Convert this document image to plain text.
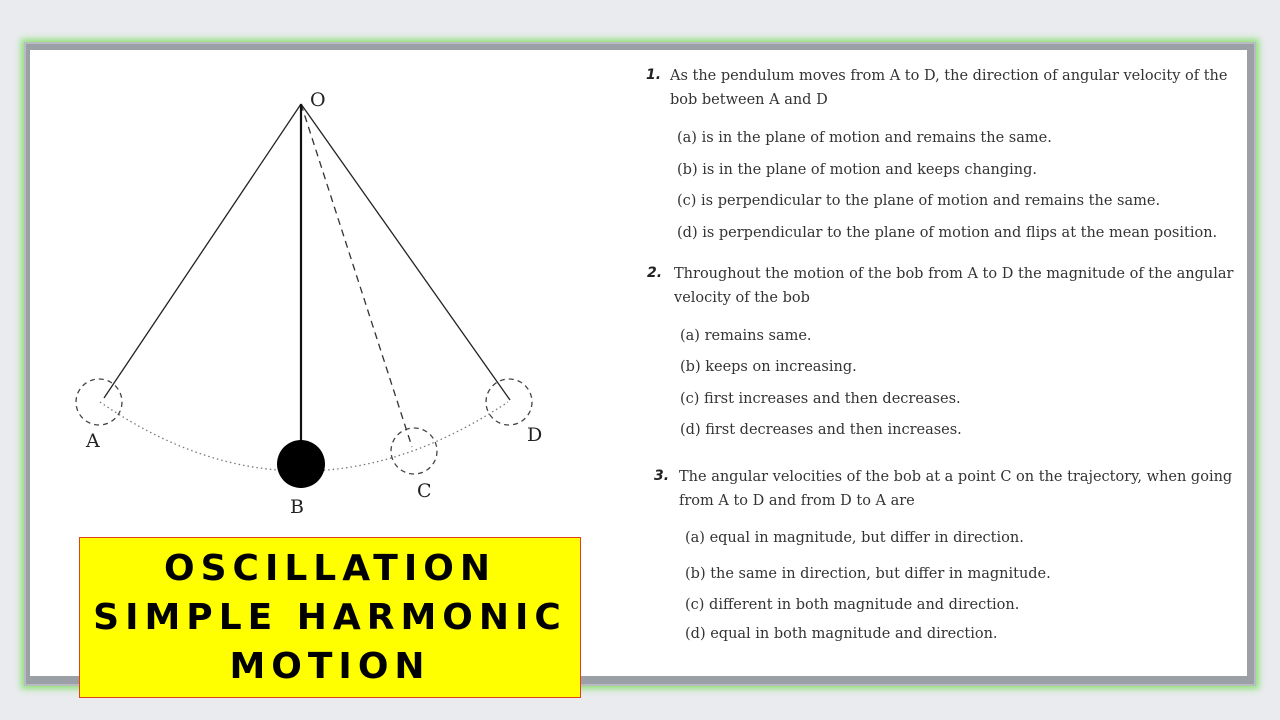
O
A
B
C
D
1. As the pendulum moves from A to D, the direction of angular velocity of the
bob between A and D
(a) is in the plane of motion and remains the same.
(b) is in the plane of motion and keeps changing.
(c) is perpendicular to the plane of motion and remains the same.
(d) is perpendicular to the plane of motion and flips at the mean position.
2. Throughout the motion of the bob from A to D the magnitude of the angular
velocity of the bob
(a) remains same.
(b) keeps on increasing.
(c) first increases and then decreases.
(d) first decreases and then increases.
3. The angular velocities of the bob at a point C on the trajectory, when going
from A to D and from D to A are
(a) equal in magnitude, but differ in direction.
(b) the same in direction, but differ in magnitude.
(c) different in both magnitude and direction.
(d) equal in both magnitude and direction.
OSCILLATION
SIMPLE HARMONIC
MOTION
